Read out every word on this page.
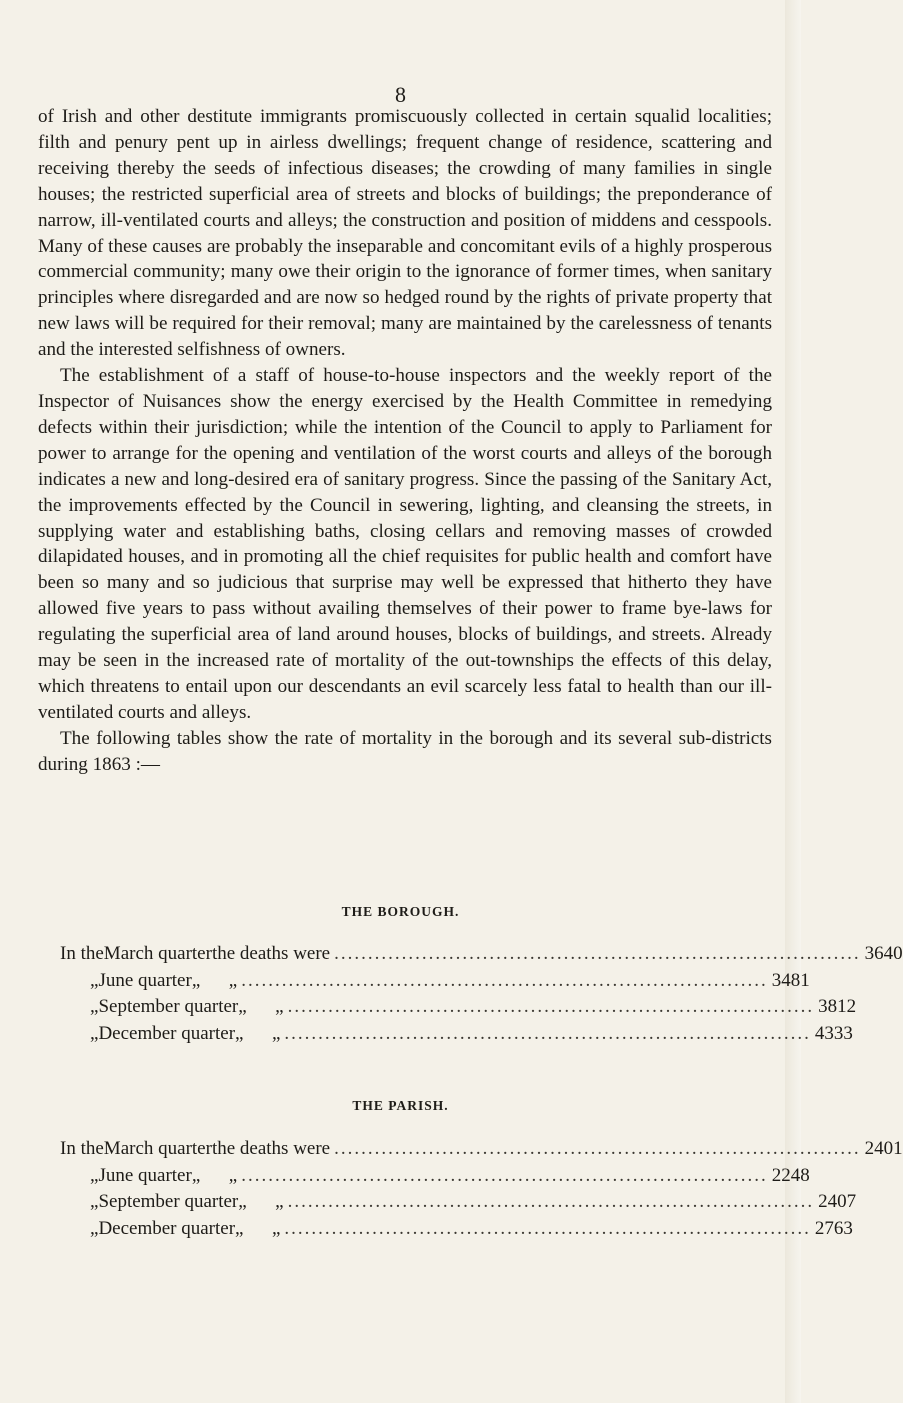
8

of Irish and other destitute immigrants promiscuously collected in certain squalid localities; filth and penury pent up in airless dwellings; frequent change of residence, scattering and receiving thereby the seeds of infectious diseases; the crowding of many families in single houses; the restricted superficial area of streets and blocks of buildings; the preponderance of narrow, ill-ventilated courts and alleys; the construction and position of middens and cesspools. Many of these causes are probably the inseparable and concomitant evils of a highly prosperous commercial community; many owe their origin to the ignorance of former times, when sanitary principles where disregarded and are now so hedged round by the rights of private property that new laws will be required for their removal; many are maintained by the carelessness of tenants and the interested selfishness of owners.

The establishment of a staff of house-to-house inspectors and the weekly report of the Inspector of Nuisances show the energy exercised by the Health Committee in remedying defects within their jurisdiction; while the intention of the Council to apply to Parliament for power to arrange for the opening and ventilation of the worst courts and alleys of the borough indicates a new and long-desired era of sanitary progress. Since the passing of the Sanitary Act, the improvements effected by the Council in sewering, lighting, and cleansing the streets, in supplying water and establishing baths, closing cellars and removing masses of crowded dilapidated houses, and in promoting all the chief requisites for public health and comfort have been so many and so judicious that surprise may well be expressed that hitherto they have allowed five years to pass without availing themselves of their power to frame bye-laws for regulating the superficial area of land around houses, blocks of buildings, and streets. Already may be seen in the increased rate of mortality of the out-townships the effects of this delay, which threatens to entail upon our descendants an evil scarcely less fatal to health than our ill-ventilated courts and alleys.

The following tables show the rate of mortality in the borough and its several sub-districts during 1863 :—

THE BOROUGH.
In the March quarter the deaths were .............................................................................. 3640
„ June quarter „      „ .............................................................................. 3481
„ September quarter „      „ .............................................................................. 3812
„ December quarter „      „ .............................................................................. 4333
THE PARISH.
In the March quarter the deaths were .............................................................................. 2401
„ June quarter „      „ .............................................................................. 2248
„ September quarter „      „ .............................................................................. 2407
„ December quarter „      „ .............................................................................. 2763
